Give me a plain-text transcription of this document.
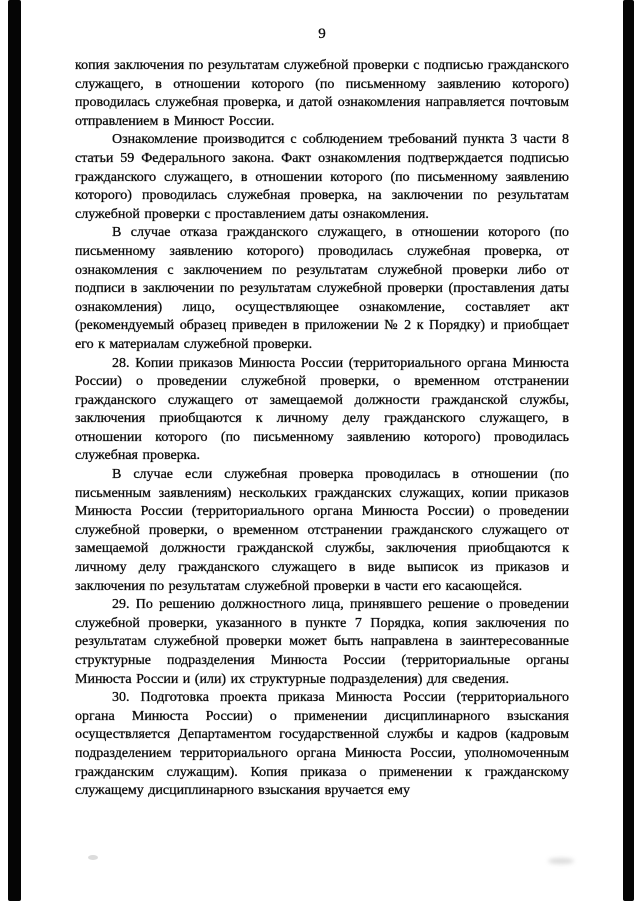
9

копия заключения по результатам служебной проверки с подписью гражданского служащего, в отношении которого (по письменному заявлению которого) проводилась служебная проверка, и датой ознакомления направляется почтовым отправлением в Минюст России.

Ознакомление производится с соблюдением требований пункта 3 части 8 статьи 59 Федерального закона. Факт ознакомления подтверждается подписью гражданского служащего, в отношении которого (по письменному заявлению которого) проводилась служебная проверка, на заключении по результатам служебной проверки с проставлением даты ознакомления.

В случае отказа гражданского служащего, в отношении которого (по письменному заявлению которого) проводилась служебная проверка, от ознакомления с заключением по результатам служебной проверки либо от подписи в заключении по результатам служебной проверки (проставления даты ознакомления) лицо, осуществляющее ознакомление, составляет акт (рекомендуемый образец приведен в приложении № 2 к Порядку) и приобщает его к материалам служебной проверки.

28. Копии приказов Минюста России (территориального органа Минюста России) о проведении служебной проверки, о временном отстранении гражданского служащего от замещаемой должности гражданской службы, заключения приобщаются к личному делу гражданского служащего, в отношении которого (по письменному заявлению которого) проводилась служебная проверка.

В случае если служебная проверка проводилась в отношении (по письменным заявлениям) нескольких гражданских служащих, копии приказов Минюста России (территориального органа Минюста России) о проведении служебной проверки, о временном отстранении гражданского служащего от замещаемой должности гражданской службы, заключения приобщаются к личному делу гражданского служащего в виде выписок из приказов и заключения по результатам служебной проверки в части его касающейся.

29. По решению должностного лица, принявшего решение о проведении служебной проверки, указанного в пункте 7 Порядка, копия заключения по результатам служебной проверки может быть направлена в заинтересованные структурные подразделения Минюста России (территориальные органы Минюста России и (или) их структурные подразделения) для сведения.

30. Подготовка проекта приказа Минюста России (территориального органа Минюста России) о применении дисциплинарного взыскания осуществляется Департаментом государственной службы и кадров (кадровым подразделением территориального органа Минюста России, уполномоченным гражданским служащим). Копия приказа о применении к гражданскому служащему дисциплинарного взыскания вручается ему
